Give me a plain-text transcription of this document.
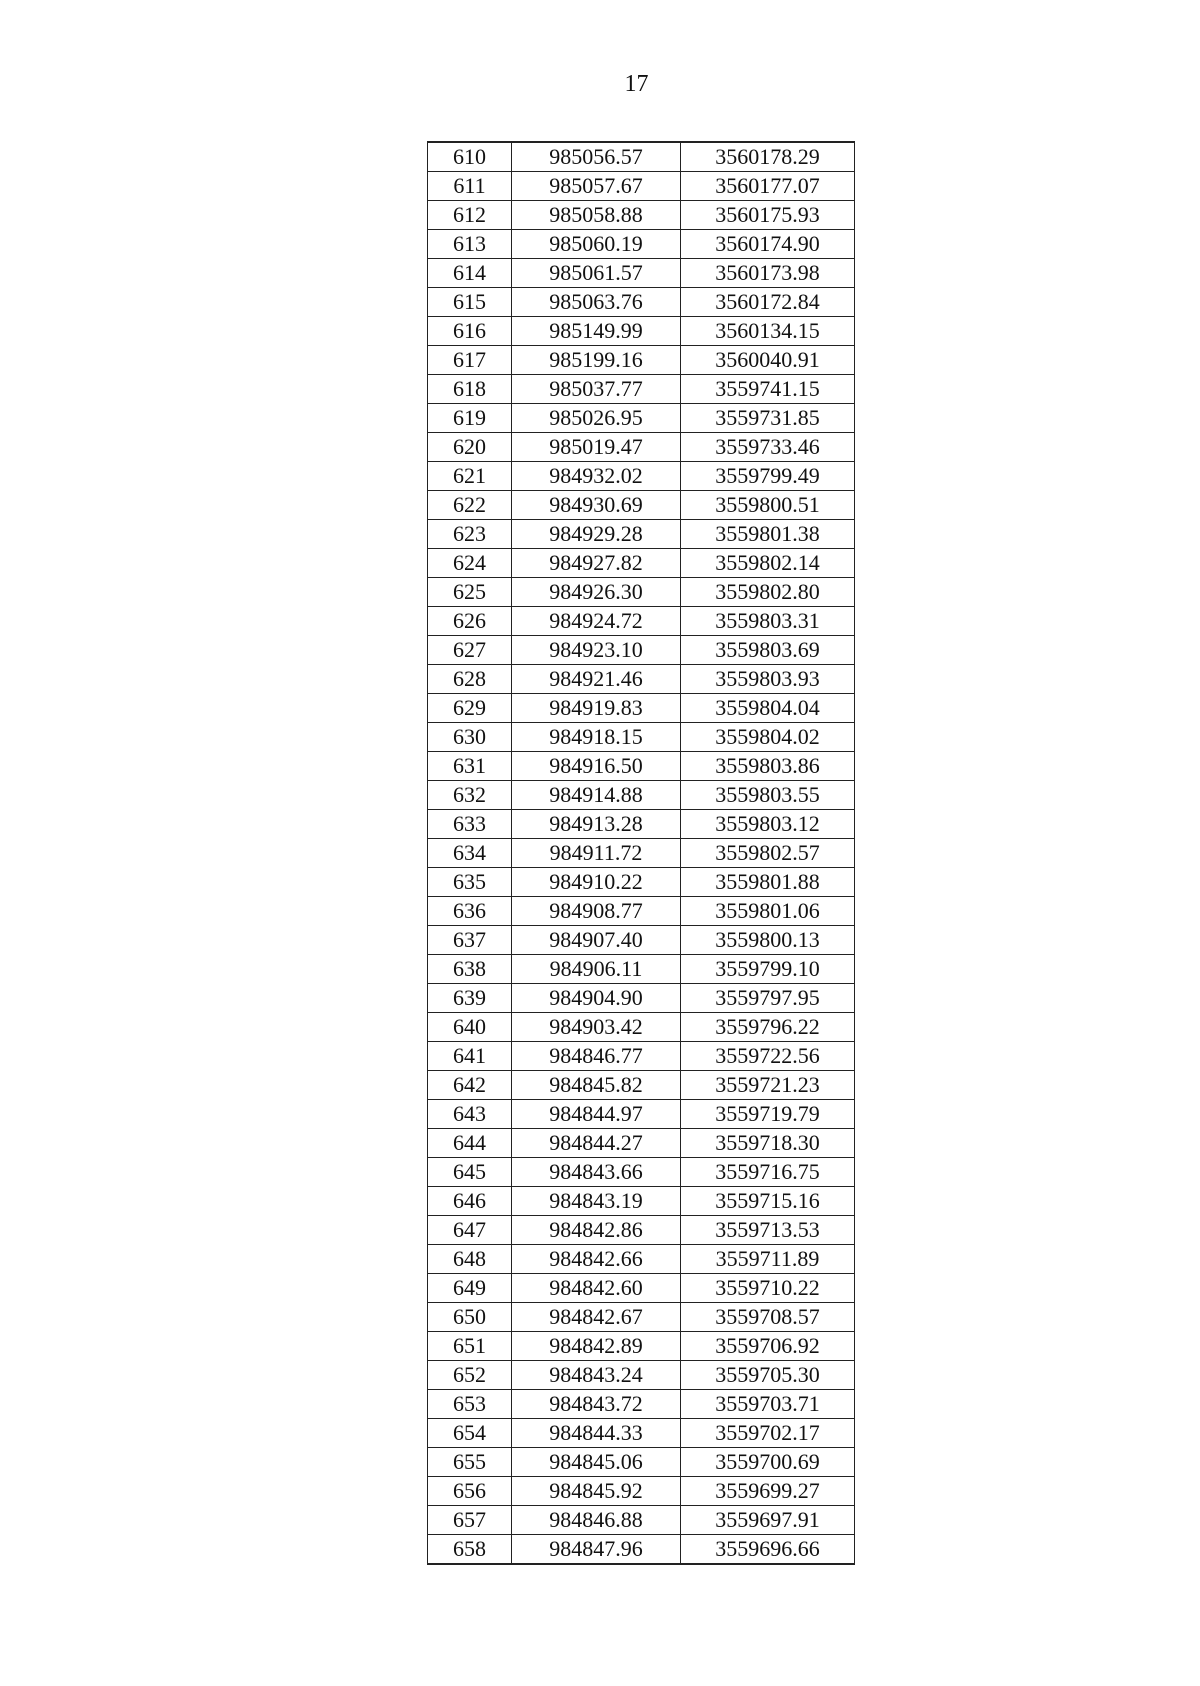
17
610	985056.57	3560178.29
611	985057.67	3560177.07
612	985058.88	3560175.93
613	985060.19	3560174.90
614	985061.57	3560173.98
615	985063.76	3560172.84
616	985149.99	3560134.15
617	985199.16	3560040.91
618	985037.77	3559741.15
619	985026.95	3559731.85
620	985019.47	3559733.46
621	984932.02	3559799.49
622	984930.69	3559800.51
623	984929.28	3559801.38
624	984927.82	3559802.14
625	984926.30	3559802.80
626	984924.72	3559803.31
627	984923.10	3559803.69
628	984921.46	3559803.93
629	984919.83	3559804.04
630	984918.15	3559804.02
631	984916.50	3559803.86
632	984914.88	3559803.55
633	984913.28	3559803.12
634	984911.72	3559802.57
635	984910.22	3559801.88
636	984908.77	3559801.06
637	984907.40	3559800.13
638	984906.11	3559799.10
639	984904.90	3559797.95
640	984903.42	3559796.22
641	984846.77	3559722.56
642	984845.82	3559721.23
643	984844.97	3559719.79
644	984844.27	3559718.30
645	984843.66	3559716.75
646	984843.19	3559715.16
647	984842.86	3559713.53
648	984842.66	3559711.89
649	984842.60	3559710.22
650	984842.67	3559708.57
651	984842.89	3559706.92
652	984843.24	3559705.30
653	984843.72	3559703.71
654	984844.33	3559702.17
655	984845.06	3559700.69
656	984845.92	3559699.27
657	984846.88	3559697.91
658	984847.96	3559696.66
